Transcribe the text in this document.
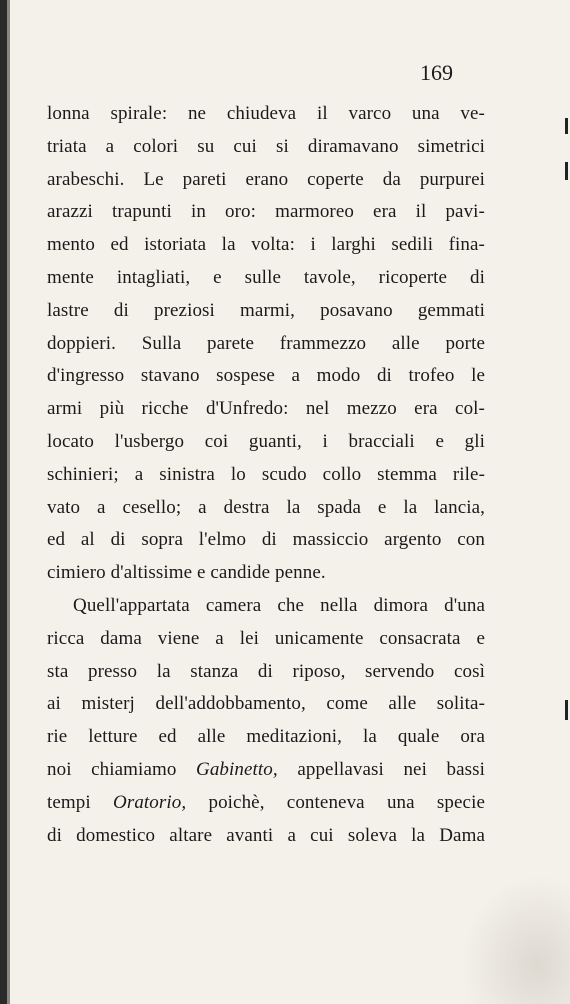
169
lonna spirale: ne chiudeva il varco una ve-
triata a colori su cui si diramavano simetrici
arabeschi. Le pareti erano coperte da purpurei
arazzi trapunti in oro: marmoreo era il pavi-
mento ed istoriata la volta: i larghi sedili fina-
mente intagliati, e sulle tavole, ricoperte di
lastre di preziosi marmi, posavano gemmati
doppieri. Sulla parete frammezzo alle porte
d'ingresso stavano sospese a modo di trofeo le
armi più ricche d'Unfredo: nel mezzo era col-
locato l'usbergo coi guanti, i bracciali e gli
schinieri; a sinistra lo scudo collo stemma rile-
vato a cesello; a destra la spada e la lancia,
ed al di sopra l'elmo di massiccio argento con
cimiero d'altissime e candide penne.
Quell'appartata camera che nella dimora d'una
ricca dama viene a lei unicamente consacrata e
sta presso la stanza di riposo, servendo così
ai misterj dell'addobbamento, come alle solita-
rie letture ed alle meditazioni, la quale ora
noi chiamiamo Gabinetto, appellavasi nei bassi
tempi Oratorio, poichè, conteneva una specie
di domestico altare avanti a cui soleva la Dama
